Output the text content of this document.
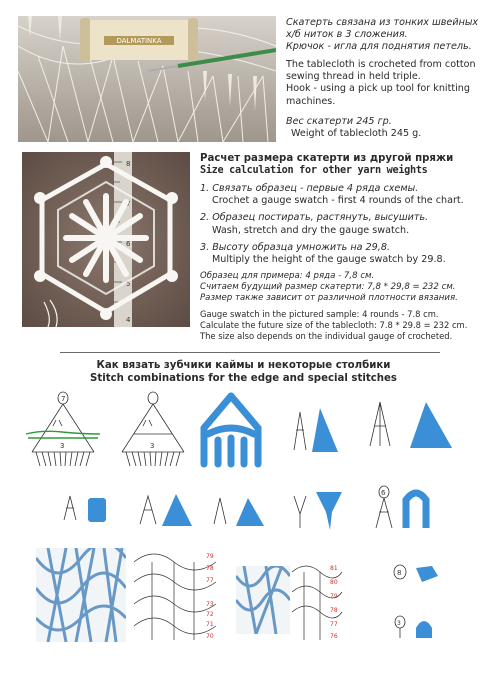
DALMATINKA
Скатерть связана из тонких швейных
х/б ниток в 3 сложения.
Крючок - игла для поднятия петель.
The tablecloth is crocheted from cotton
sewing thread in held triple.
Hook - using a pick up tool for knitting
machines.
Вес скатерти 245 гр.
Weight of tablecloth 245 g.
8
7
6
5
4
Расчет размера скатерти из другой пряжи
Size calculation for other yarn weights
1. Связать образец - первые 4 ряда схемы.
Crochet a gauge swatch - first 4 rounds of the chart.
2. Образец постирать, растянуть, высушить.
Wash, stretch and dry the gauge swatch.
3. Высоту образца умножить на 29,8.
Multiply the height of the gauge swatch by 29.8.
Образец для примера: 4 ряда - 7,8 см.
Считаем будущий размер скатерти: 7,8 * 29,8 = 232 см.
Размер также зависит от различной плотности вязания.
Gauge swatch in the pictured sample: 4 rounds - 7.8 cm.
Calculate the future size of the tablecloth: 7.8 * 29.8 = 232 cm.
The size also depends on the individual gauge of crocheted.
Как вязать зубчики каймы и некоторые столбики
Stitch combinations for the edge and special stitches
7
3	3
6
79
78
77
73
72
71
70
81
80
79
78
77
76
8
3
